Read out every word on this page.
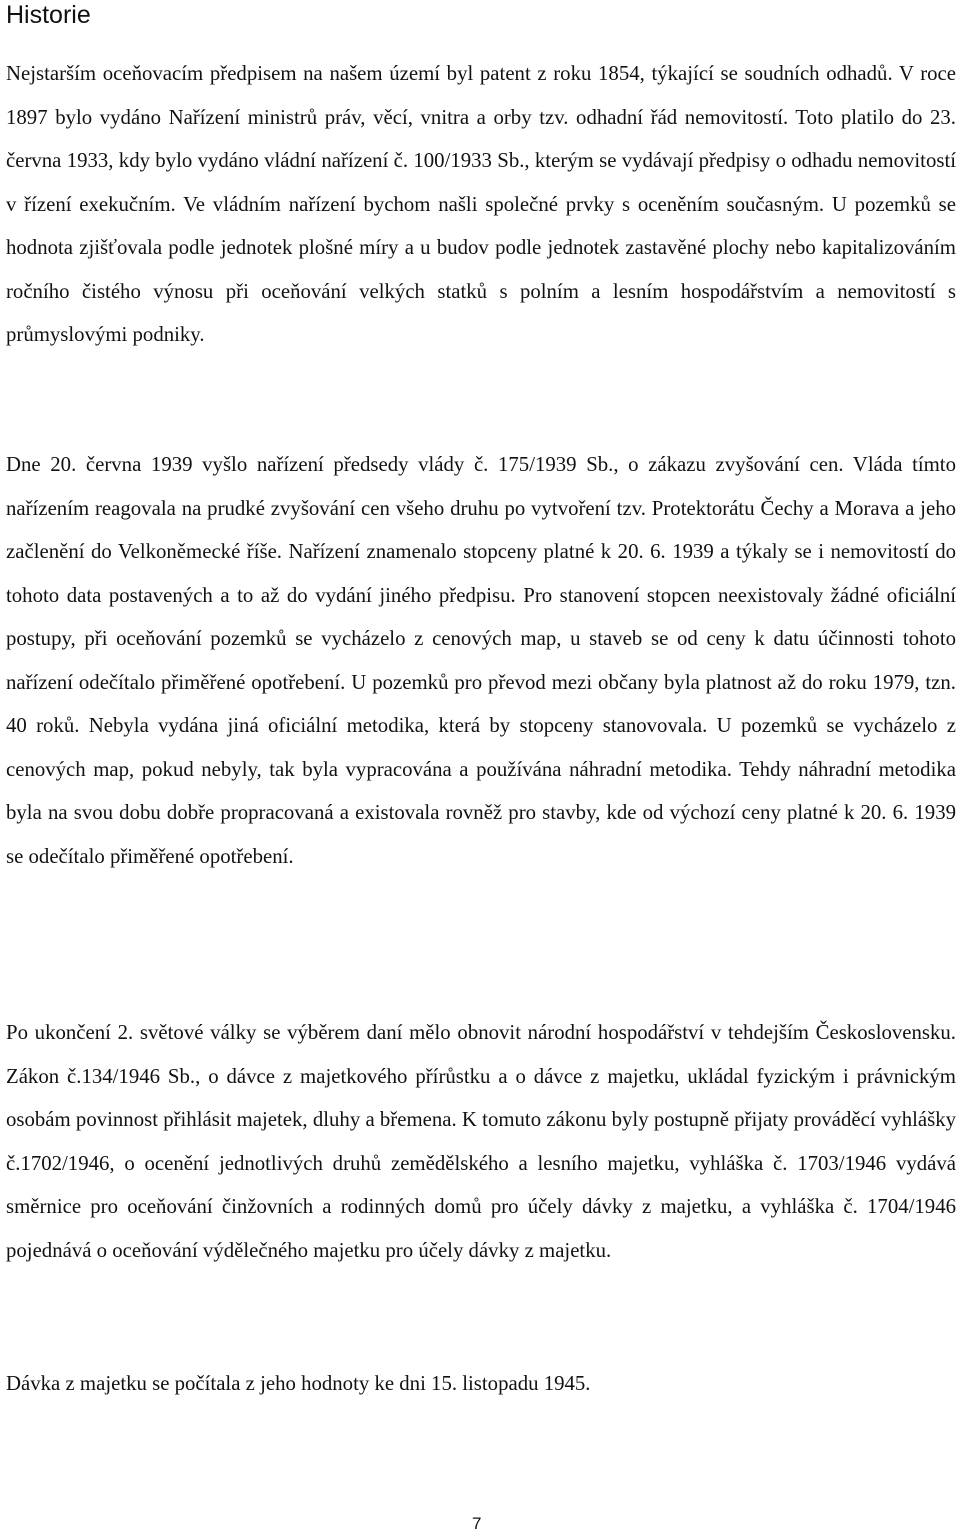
Historie

Nejstarším oceňovacím předpisem na našem území byl patent z roku 1854, týkající se soudních odhadů. V roce 1897 bylo vydáno Nařízení ministrů práv, věcí, vnitra a orby tzv. odhadní řád nemovitostí. Toto platilo do 23. června 1933, kdy bylo vydáno vládní nařízení č. 100/1933 Sb., kterým se vydávají předpisy o odhadu nemovitostí v řízení exekučním. Ve vládním nařízení bychom našli společné prvky s oceněním současným. U pozemků se hodnota zjišťovala podle jednotek plošné míry a u budov podle jednotek zastavěné plochy nebo kapitalizováním ročního čistého výnosu při oceňování velkých statků s polním a lesním hospodářstvím a nemovitostí s průmyslovými podniky.

Dne 20. června 1939 vyšlo nařízení předsedy vlády č. 175/1939 Sb., o zákazu zvyšování cen. Vláda tímto nařízením reagovala na prudké zvyšování cen všeho druhu po vytvoření tzv. Protektorátu Čechy a Morava a jeho začlenění do Velkoněmecké říše. Nařízení znamenalo stopceny platné k 20. 6. 1939 a týkaly se i nemovitostí do tohoto data postavených a to až do vydání jiného předpisu. Pro stanovení stopcen neexistovaly žádné oficiální postupy, při oceňování pozemků se vycházelo z cenových map, u staveb se od ceny k datu účinnosti tohoto nařízení odečítalo přiměřené opotřebení. U pozemků pro převod mezi občany byla platnost až do roku 1979, tzn. 40 roků. Nebyla vydána jiná oficiální metodika, která by stopceny stanovovala. U pozemků se vycházelo z cenových map, pokud nebyly, tak byla vypracována a používána náhradní metodika. Tehdy náhradní metodika byla na svou dobu dobře propracovaná a existovala rovněž pro stavby, kde od výchozí ceny platné k 20. 6. 1939 se odečítalo přiměřené opotřebení.

Po ukončení 2. světové války se výběrem daní mělo obnovit národní hospodářství v tehdejším Československu. Zákon č.134/1946 Sb., o dávce z majetkového přírůstku a o dávce z majetku, ukládal fyzickým i právnickým osobám povinnost přihlásit majetek, dluhy a břemena. K tomuto zákonu byly postupně přijaty prováděcí vyhlášky č.1702/1946, o ocenění jednotlivých druhů zemědělského a lesního majetku, vyhláška č. 1703/1946 vydává směrnice pro oceňování činžovních a rodinných domů pro účely dávky z majetku, a vyhláška č. 1704/1946 pojednává o oceňování výdělečného majetku pro účely dávky z majetku.

Dávka z majetku se počítala z jeho hodnoty ke dni 15. listopadu 1945.

7
